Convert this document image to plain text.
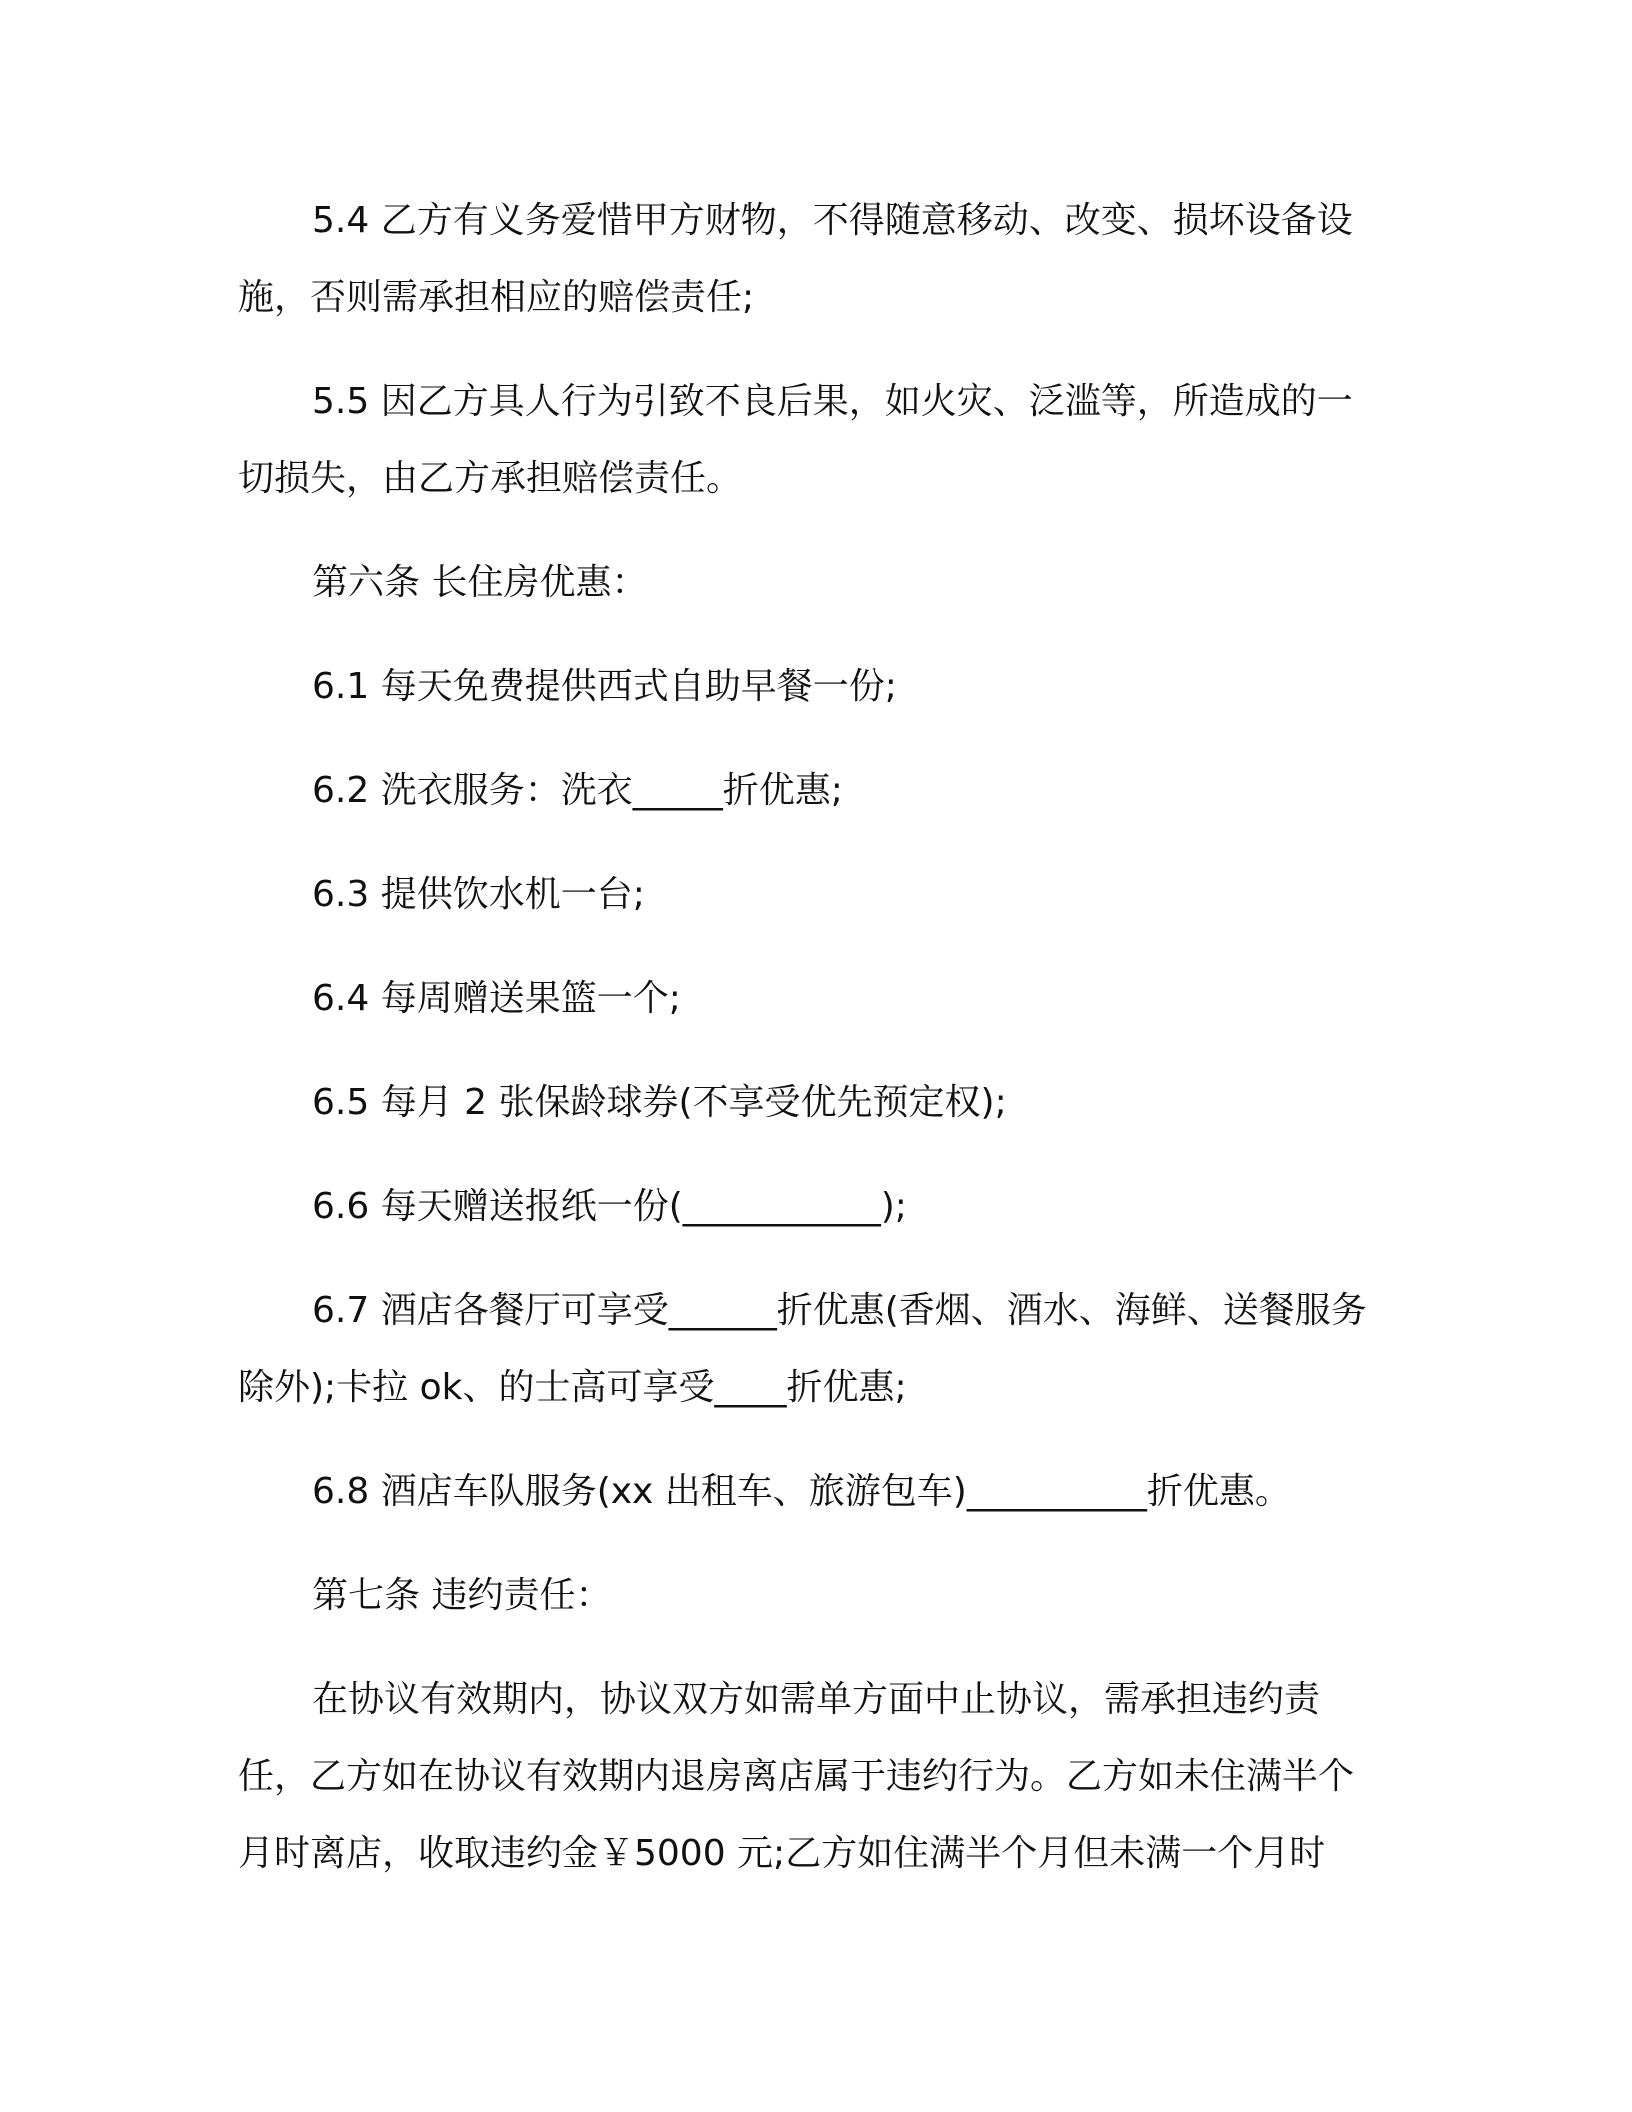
5.4 乙方有义务爱惜甲方财物，不得随意移动、改变、损坏设备设施，否则需承担相应的赔偿责任;

5.5 因乙方具人行为引致不良后果，如火灾、泛滥等，所造成的一切损失，由乙方承担赔偿责任。

第六条 长住房优惠：

6.1 每天免费提供西式自助早餐一份;

6.2 洗衣服务：洗衣_____折优惠;

6.3 提供饮水机一台;

6.4 每周赠送果篮一个;

6.5 每月 2 张保龄球券(不享受优先预定权);

6.6 每天赠送报纸一份(___________);

6.7 酒店各餐厅可享受______折优惠(香烟、酒水、海鲜、送餐服务除外);卡拉 ok、的士高可享受____折优惠;

6.8 酒店车队服务(xx 出租车、旅游包车)__________折优惠。

第七条 违约责任：

在协议有效期内，协议双方如需单方面中止协议，需承担违约责任，乙方如在协议有效期内退房离店属于违约行为。乙方如未住满半个月时离店，收取违约金￥5000 元;乙方如住满半个月但未满一个月时
